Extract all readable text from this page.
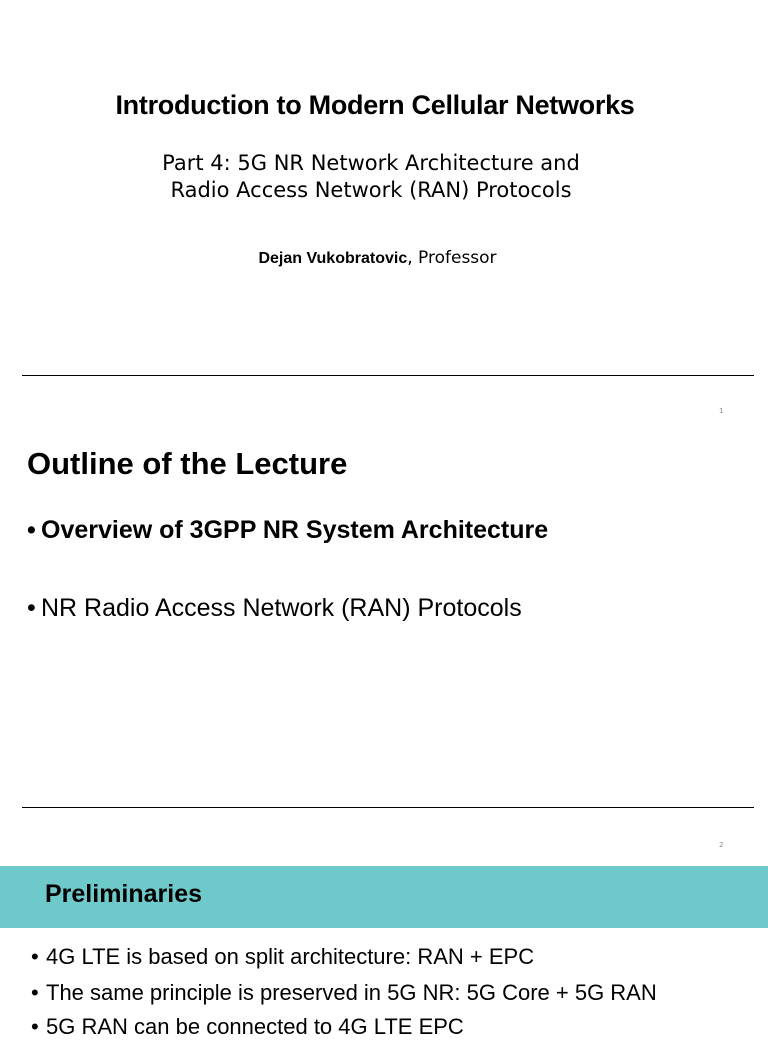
Introduction to Modern Cellular Networks
Part 4: 5G NR Network Architecture and
Radio Access Network (RAN) Protocols
Dejan Vukobratovic, Professor
1
Outline of the Lecture
• Overview of 3GPP NR System Architecture
• NR Radio Access Network (RAN) Protocols
2
Preliminaries
• 4G LTE is based on split architecture: RAN + EPC
• The same principle is preserved in 5G NR: 5G Core + 5G RAN
• 5G RAN can be connected to 4G LTE EPC
